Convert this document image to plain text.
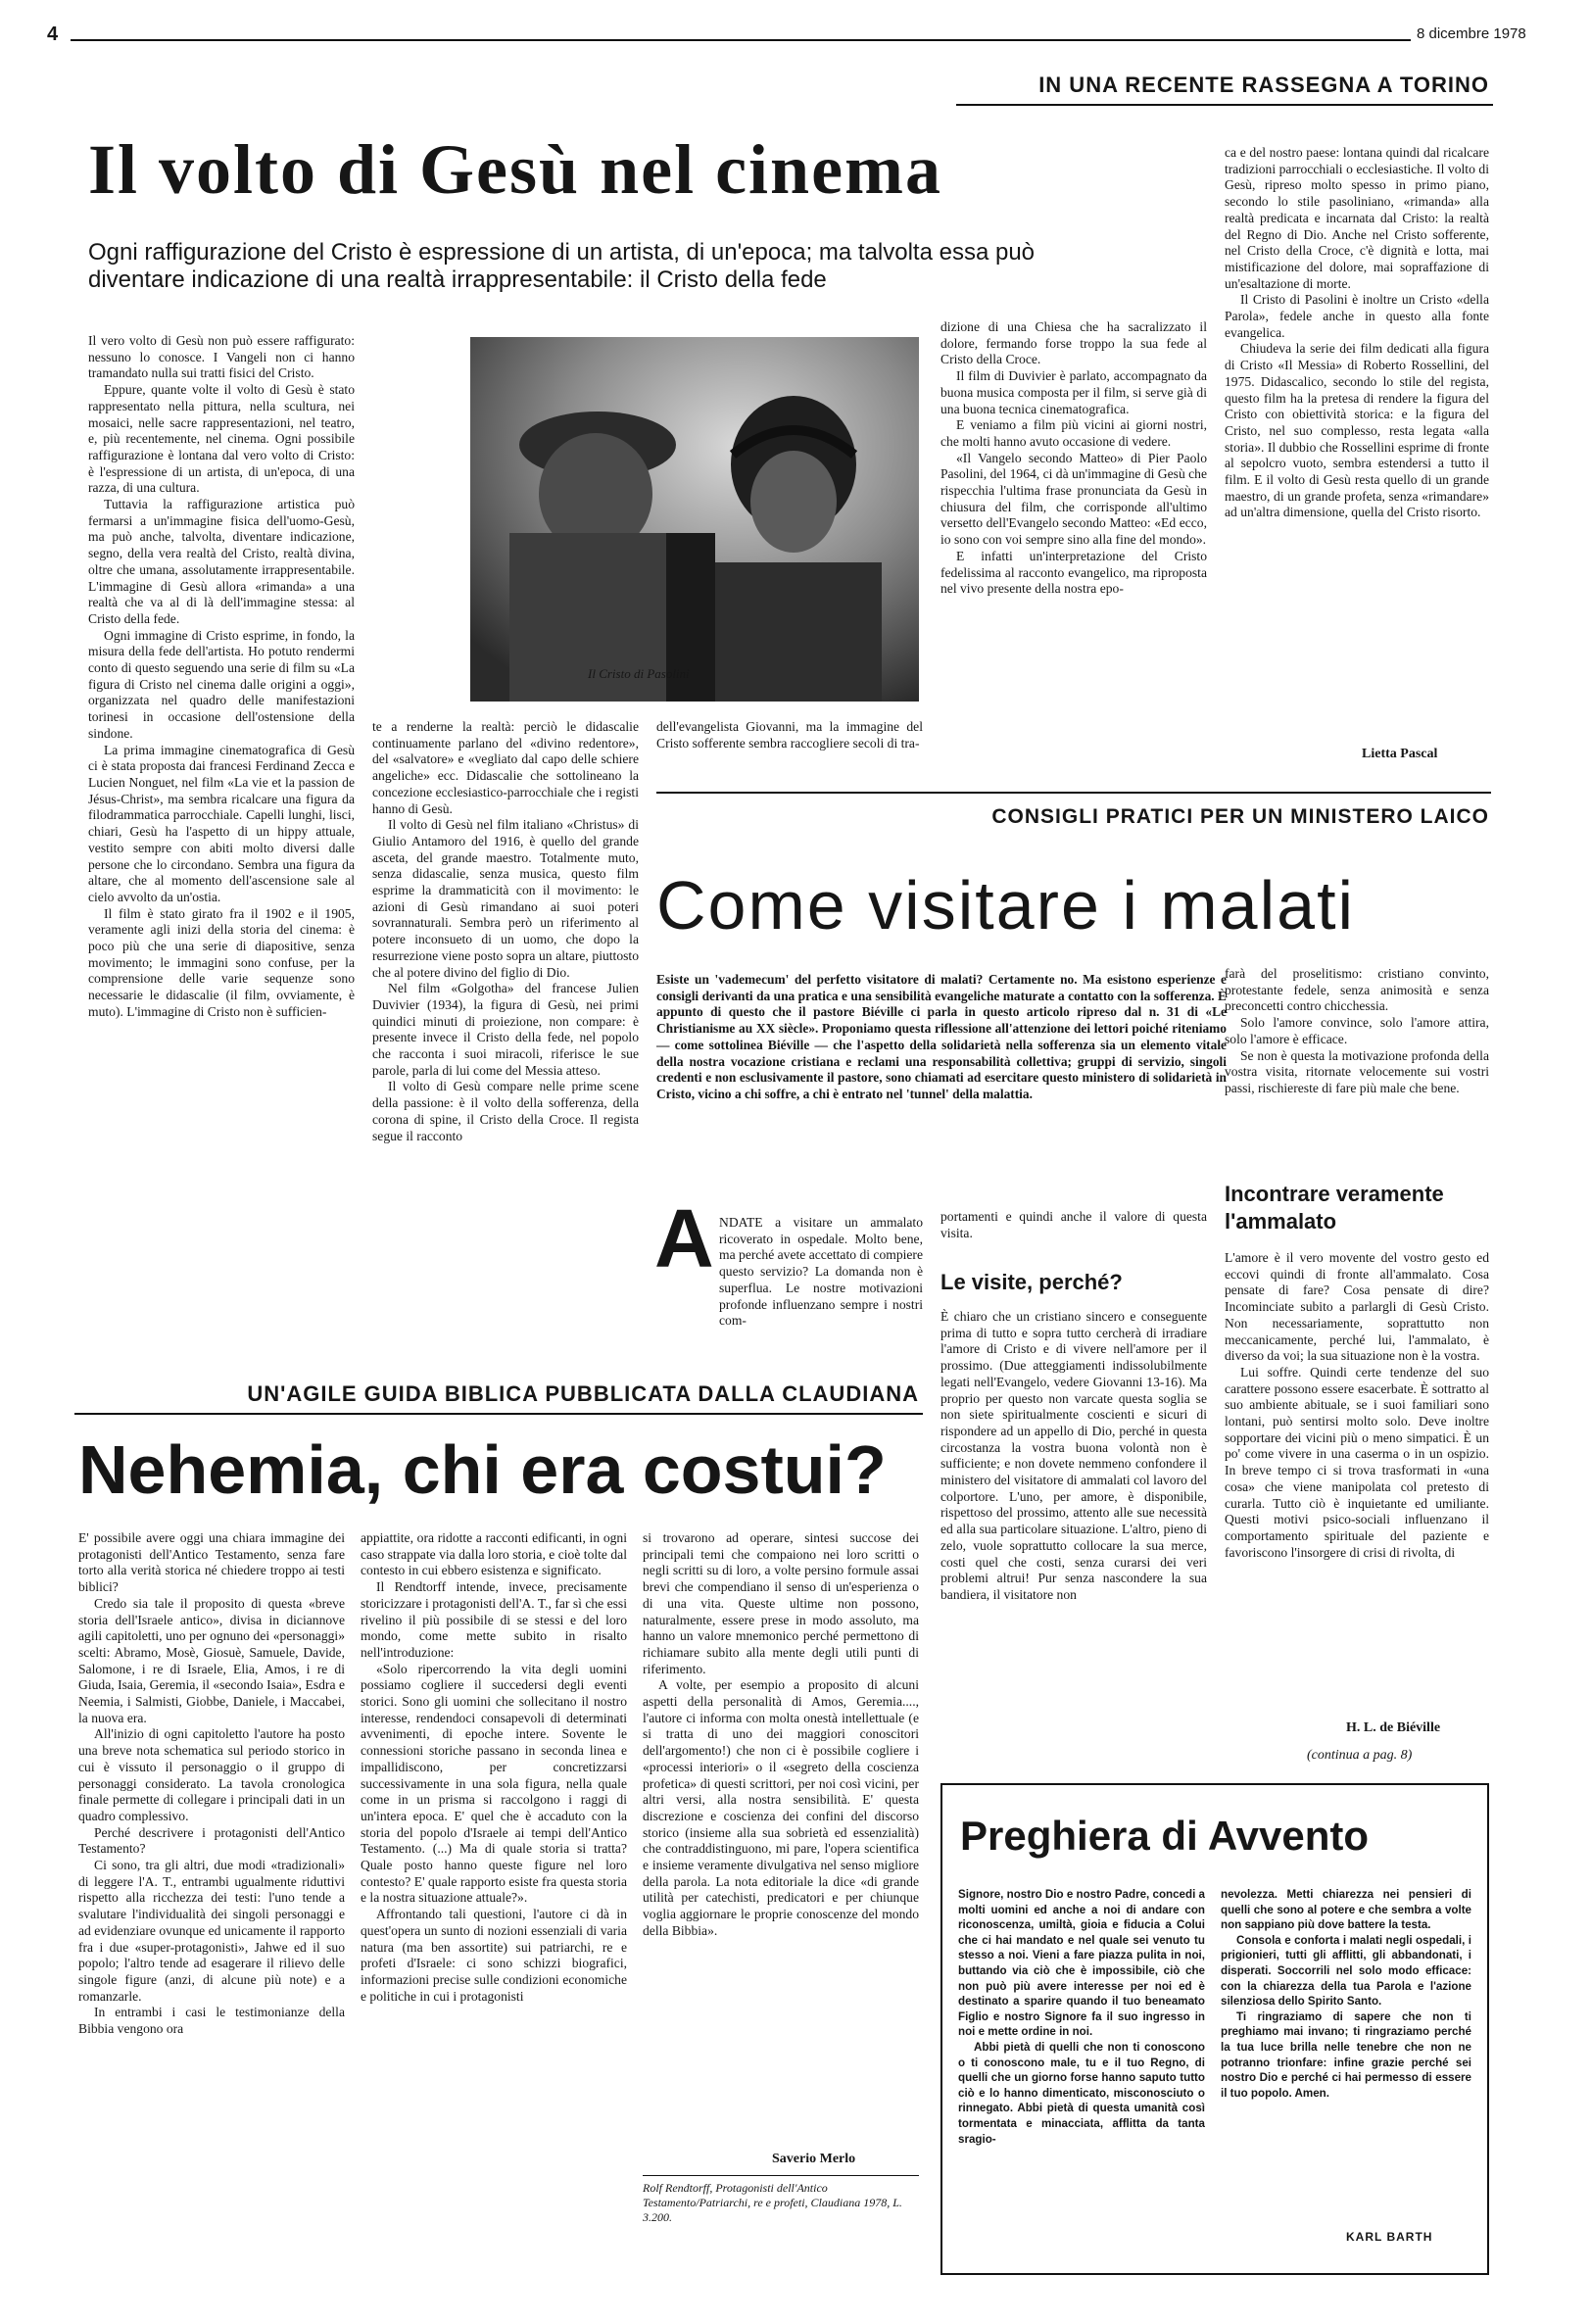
4	8 dicembre 1978
IN UNA RECENTE RASSEGNA A TORINO
Il volto di Gesù nel cinema
Ogni raffigurazione del Cristo è espressione di un artista, di un'epoca; ma talvolta essa può
diventare indicazione di una realtà irrappresentabile: il Cristo della fede

Il vero volto di Gesù non può essere raffigurato: nessuno lo conosce. I Vangeli non ci hanno tramandato nulla sui tratti fisici del Cristo.

Eppure, quante volte il volto di Gesù è stato rappresentato nella pittura, nella scultura, nei mosaici, nelle sacre rappresentazioni, nel teatro, e, più recentemente, nel cinema. Ogni possibile raffigurazione è lontana dal vero volto di Cristo: è l'espressione di un artista, di un'epoca, di una razza, di una cultura.

Tuttavia la raffigurazione artistica può fermarsi a un'immagine fisica dell'uomo-Gesù, ma può anche, talvolta, diventare indicazione, segno, della vera realtà del Cristo, realtà divina, oltre che umana, assolutamente irrappresentabile. L'immagine di Gesù allora «rimanda» a una realtà che va al di là dell'immagine stessa: al Cristo della fede.

Ogni immagine di Cristo esprime, in fondo, la misura della fede dell'artista. Ho potuto rendermi conto di questo seguendo una serie di film su «La figura di Cristo nel cinema dalle origini a oggi», organizzata nel quadro delle manifestazioni torinesi in occasione dell'ostensione della sindone.

La prima immagine cinematografica di Gesù ci è stata proposta dai francesi Ferdinand Zecca e Lucien Nonguet, nel film «La vie et la passion de Jésus-Christ», ma sembra ricalcare una figura da filodrammatica parrocchiale. Capelli lunghi, lisci, chiari, Gesù ha l'aspetto di un hippy attuale, vestito sempre con abiti molto diversi dalle persone che lo circondano. Sembra una figura da altare, che al momento dell'ascensione sale al cielo avvolto da un'ostia.

Il film è stato girato fra il 1902 e il 1905, veramente agli inizi della storia del cinema: è poco più che una serie di diapositive, senza movimento; le immagini sono confuse, per la comprensione delle varie sequenze sono necessarie le didascalie (il film, ovviamente, è muto). L'immagine di Cristo non è sufficien-

Il Cristo di Pasolini

te a renderne la realtà: perciò le didascalie continuamente parlano del «divino redentore», del «salvatore» e «vegliato dal capo delle schiere angeliche» ecc. Didascalie che sottolineano la concezione ecclesiastico-parrocchiale che i registi hanno di Gesù.

Il volto di Gesù nel film italiano «Christus» di Giulio Antamoro del 1916, è quello del grande asceta, del grande maestro. Totalmente muto, senza didascalie, senza musica, questo film esprime la drammaticità con il movimento: le azioni di Gesù rimandano ai suoi poteri sovrannaturali. Sembra però un riferimento al potere inconsueto di un uomo, che dopo la resurrezione viene posto sopra un altare, piuttosto che al potere divino del figlio di Dio.

Nel film «Golgotha» del francese Julien Duvivier (1934), la figura di Gesù, nei primi quindici minuti di proiezione, non compare: è presente invece il Cristo della fede, nel popolo che racconta i suoi miracoli, riferisce le sue parole, parla di lui come del Messia atteso.

Il volto di Gesù compare nelle prime scene della passione: è il volto della sofferenza, della corona di spine, il Cristo della Croce. Il regista segue il racconto

dell'evangelista Giovanni, ma la immagine del Cristo sofferente sembra raccogliere secoli di tra-

dizione di una Chiesa che ha sacralizzato il dolore, fermando forse troppo la sua fede al Cristo della Croce.

Il film di Duvivier è parlato, accompagnato da buona musica composta per il film, si serve già di una buona tecnica cinematografica.

E veniamo a film più vicini ai giorni nostri, che molti hanno avuto occasione di vedere.

«Il Vangelo secondo Matteo» di Pier Paolo Pasolini, del 1964, ci dà un'immagine di Gesù che rispecchia l'ultima frase pronunciata da Gesù in chiusura del film, che corrisponde all'ultimo versetto dell'Evangelo secondo Matteo: «Ed ecco, io sono con voi sempre sino alla fine del mondo».

E infatti un'interpretazione del Cristo fedelissima al racconto evangelico, ma riproposta nel vivo presente della nostra epo-

ca e del nostro paese: lontana quindi dal ricalcare tradizioni parrocchiali o ecclesiastiche. Il volto di Gesù, ripreso molto spesso in primo piano, secondo lo stile pasoliniano, «rimanda» alla realtà predicata e incarnata dal Cristo: la realtà del Regno di Dio. Anche nel Cristo sofferente, nel Cristo della Croce, c'è dignità e lotta, mai mistificazione del dolore, mai sopraffazione di un'esaltazione di morte.

Il Cristo di Pasolini è inoltre un Cristo «della Parola», fedele anche in questo alla fonte evangelica.

Chiudeva la serie dei film dedicati alla figura di Cristo «Il Messia» di Roberto Rossellini, del 1975. Didascalico, secondo lo stile del regista, questo film ha la pretesa di rendere la figura del Cristo con obiettività storica: e la figura del Cristo, nel suo complesso, resta legata «alla storia». Il dubbio che Rossellini esprime di fronte al sepolcro vuoto, sembra estendersi a tutto il film. E il volto di Gesù resta quello di un grande maestro, di un grande profeta, senza «rimandare» ad un'altra dimensione, quella del Cristo risorto.

Lietta Pascal
CONSIGLI PRATICI PER UN MINISTERO LAICO
Come visitare i malati

Esiste un 'vademecum' del perfetto visitatore di malati? Certamente no. Ma esistono esperienze e consigli derivanti da una pratica e una sensibilità evangeliche maturate a contatto con la sofferenza. È appunto di questo che il pastore Biéville ci parla in questo articolo ripreso dal n. 31 di «Le Christianisme au XX siècle». Proponiamo questa riflessione all'attenzione dei lettori poiché riteniamo — come sottolinea Biéville — che l'aspetto della solidarietà nella sofferenza sia un elemento vitale della nostra vocazione cristiana e reclami una responsabilità collettiva; gruppi di servizio, singoli credenti e non esclusivamente il pastore, sono chiamati ad esercitare questo ministero di solidarietà in Cristo, vicino a chi soffre, a chi è entrato nel 'tunnel' della malattia.

farà del proselitismo: cristiano convinto, protestante fedele, senza animosità e senza preconcetti contro chicchessia.

Solo l'amore convince, solo l'amore attira, solo l'amore è efficace.

Se non è questa la motivazione profonda della vostra visita, ritornate velocemente sui vostri passi, rischiereste di fare più male che bene.

A NDATE a visitare un ammalato ricoverato in ospedale. Molto bene, ma perché avete accettato di compiere questo servizio? La domanda non è superflua. Le nostre motivazioni profonde influenzano sempre i nostri com-

portamenti e quindi anche il valore di questa visita.

Le visite, perché?

È chiaro che un cristiano sincero e conseguente prima di tutto e sopra tutto cercherà di irradiare l'amore di Cristo e di vivere nell'amore per il prossimo. (Due atteggiamenti indissolubilmente legati nell'Evangelo, vedere Giovanni 13-16). Ma proprio per questo non varcate questa soglia se non siete spiritualmente coscienti e sicuri di rispondere ad un appello di Dio, perché in questa circostanza la vostra buona volontà non è sufficiente; e non dovete nemmeno confondere il ministero del visitatore di ammalati col lavoro del colportore. L'uno, per amore, è disponibile, rispettoso del prossimo, attento alle sue necessità ed alla sua particolare situazione. L'altro, pieno di zelo, vuole soprattutto collocare la sua merce, costi quel che costi, senza curarsi dei veri problemi altrui! Pur senza nascondere la sua bandiera, il visitatore non

Incontrare veramente
l'ammalato

L'amore è il vero movente del vostro gesto ed eccovi quindi di fronte all'ammalato. Cosa pensate di fare? Cosa pensate di dire? Incominciate subito a parlargli di Gesù Cristo. Non necessariamente, soprattutto non meccanicamente, perché lui, l'ammalato, è diverso da voi; la sua situazione non è la vostra.

Lui soffre. Quindi certe tendenze del suo carattere possono essere esacerbate. È sottratto al suo ambiente abituale, se i suoi familiari sono lontani, può sentirsi molto solo. Deve inoltre sopportare dei vicini più o meno simpatici. È un po' come vivere in una caserma o in un ospizio. In breve tempo ci si trova trasformati in «una cosa» che viene manipolata col pretesto di curarla. Tutto ciò è inquietante ed umiliante. Questi motivi psico-sociali influenzano il comportamento spirituale del paziente e favoriscono l'insorgere di crisi di rivolta, di

H. L. de Biéville
(continua a pag. 8)
UN'AGILE GUIDA BIBLICA PUBBLICATA DALLA CLAUDIANA
Nehemia, chi era costui?

E' possibile avere oggi una chiara immagine dei protagonisti dell'Antico Testamento, senza fare torto alla verità storica né chiedere troppo ai testi biblici?

Credo sia tale il proposito di questa «breve storia dell'Israele antico», divisa in diciannove agili capitoletti, uno per ognuno dei «personaggi» scelti: Abramo, Mosè, Giosuè, Samuele, Davide, Salomone, i re di Israele, Elia, Amos, i re di Giuda, Isaia, Geremia, il «secondo Isaia», Esdra e Neemia, i Salmisti, Giobbe, Daniele, i Maccabei, la nuova era.

All'inizio di ogni capitoletto l'autore ha posto una breve nota schematica sul periodo storico in cui è vissuto il personaggio o il gruppo di personaggi considerato. La tavola cronologica finale permette di collegare i principali dati in un quadro complessivo.

Perché descrivere i protagonisti dell'Antico Testamento?

Ci sono, tra gli altri, due modi «tradizionali» di leggere l'A. T., entrambi ugualmente riduttivi rispetto alla ricchezza dei testi: l'uno tende a svalutare l'individualità dei singoli personaggi e ad evidenziare ovunque ed unicamente il rapporto fra i due «super-protagonisti», Jahwe ed il suo popolo; l'altro tende ad esagerare il rilievo delle singole figure (anzi, di alcune più note) e a romanzarle.

In entrambi i casi le testimonianze della Bibbia vengono ora

appiattite, ora ridotte a racconti edificanti, in ogni caso strappate via dalla loro storia, e cioè tolte dal contesto in cui ebbero esistenza e significato.

Il Rendtorff intende, invece, precisamente storicizzare i protagonisti dell'A. T., far sì che essi rivelino il più possibile di se stessi e del loro mondo, come mette subito in risalto nell'introduzione:

«Solo ripercorrendo la vita degli uomini possiamo cogliere il succedersi degli eventi storici. Sono gli uomini che sollecitano il nostro interesse, rendendoci consapevoli di determinati avvenimenti, di epoche intere. Sovente le connessioni storiche passano in seconda linea e impallidiscono, per concretizzarsi successivamente in una sola figura, nella quale come in un prisma si raccolgono i raggi di un'intera epoca. E' quel che è accaduto con la storia del popolo d'Israele ai tempi dell'Antico Testamento. (...) Ma di quale storia si tratta? Quale posto hanno queste figure nel loro contesto? E' quale rapporto esiste fra questa storia e la nostra situazione attuale?».

Affrontando tali questioni, l'autore ci dà in quest'opera un sunto di nozioni essenziali di varia natura (ma ben assortite) sui patriarchi, re e profeti d'Israele: ci sono schizzi biografici, informazioni precise sulle condizioni economiche e politiche in cui i protagonisti

si trovarono ad operare, sintesi succose dei principali temi che compaiono nei loro scritti o negli scritti su di loro, a volte persino formule assai brevi che compendiano il senso di un'esperienza o di una vita. Queste ultime non possono, naturalmente, essere prese in modo assoluto, ma hanno un valore mnemonico perché permettono di richiamare subito alla mente degli utili punti di riferimento.

A volte, per esempio a proposito di alcuni aspetti della personalità di Amos, Geremia...., l'autore ci informa con molta onestà intellettuale (e si tratta di uno dei maggiori conoscitori dell'argomento!) che non ci è possibile cogliere i «processi interiori» o il «segreto della coscienza profetica» di questi scrittori, per noi così vicini, per altri versi, alla nostra sensibilità. E' questa discrezione e coscienza dei confini del discorso storico (insieme alla sua sobrietà ed essenzialità) che contraddistinguono, mi pare, l'opera scientifica e insieme veramente divulgativa nel senso migliore della parola. La nota editoriale la dice «di grande utilità per catechisti, predicatori e per chiunque voglia aggiornare le proprie conoscenze del mondo della Bibbia».

Saverio Merlo
Rolf Rendtorff, Protagonisti dell'Antico Testamento/Patriarchi, re e profeti, Claudiana 1978, L. 3.200.
Preghiera di Avvento

Signore, nostro Dio e nostro Padre, concedi a molti uomini ed anche a noi di andare con riconoscenza, umiltà, gioia e fiducia a Colui che ci hai mandato e nel quale sei venuto tu stesso a noi. Vieni a fare piazza pulita in noi, buttando via ciò che è impossibile, ciò che non può più avere interesse per noi ed è destinato a sparire quando il tuo beneamato Figlio e nostro Signore fa il suo ingresso in noi e mette ordine in noi.

Abbi pietà di quelli che non ti conoscono o ti conoscono male, tu e il tuo Regno, di quelli che un giorno forse hanno saputo tutto ciò e lo hanno dimenticato, misconosciuto o rinnegato. Abbi pietà di questa umanità così tormentata e minacciata, afflitta da tanta sragio-

nevolezza. Metti chiarezza nei pensieri di quelli che sono al potere e che sembra a volte non sappiano più dove battere la testa.

Consola e conforta i malati negli ospedali, i prigionieri, tutti gli afflitti, gli abbandonati, i disperati. Soccorrili nel solo modo efficace: con la chiarezza della tua Parola e l'azione silenziosa dello Spirito Santo.

Ti ringraziamo di sapere che non ti preghiamo mai invano; ti ringraziamo perché la tua luce brilla nelle tenebre che non ne potranno trionfare: infine grazie perché sei nostro Dio e perché ci hai permesso di essere il tuo popolo. Amen.

KARL BARTH
